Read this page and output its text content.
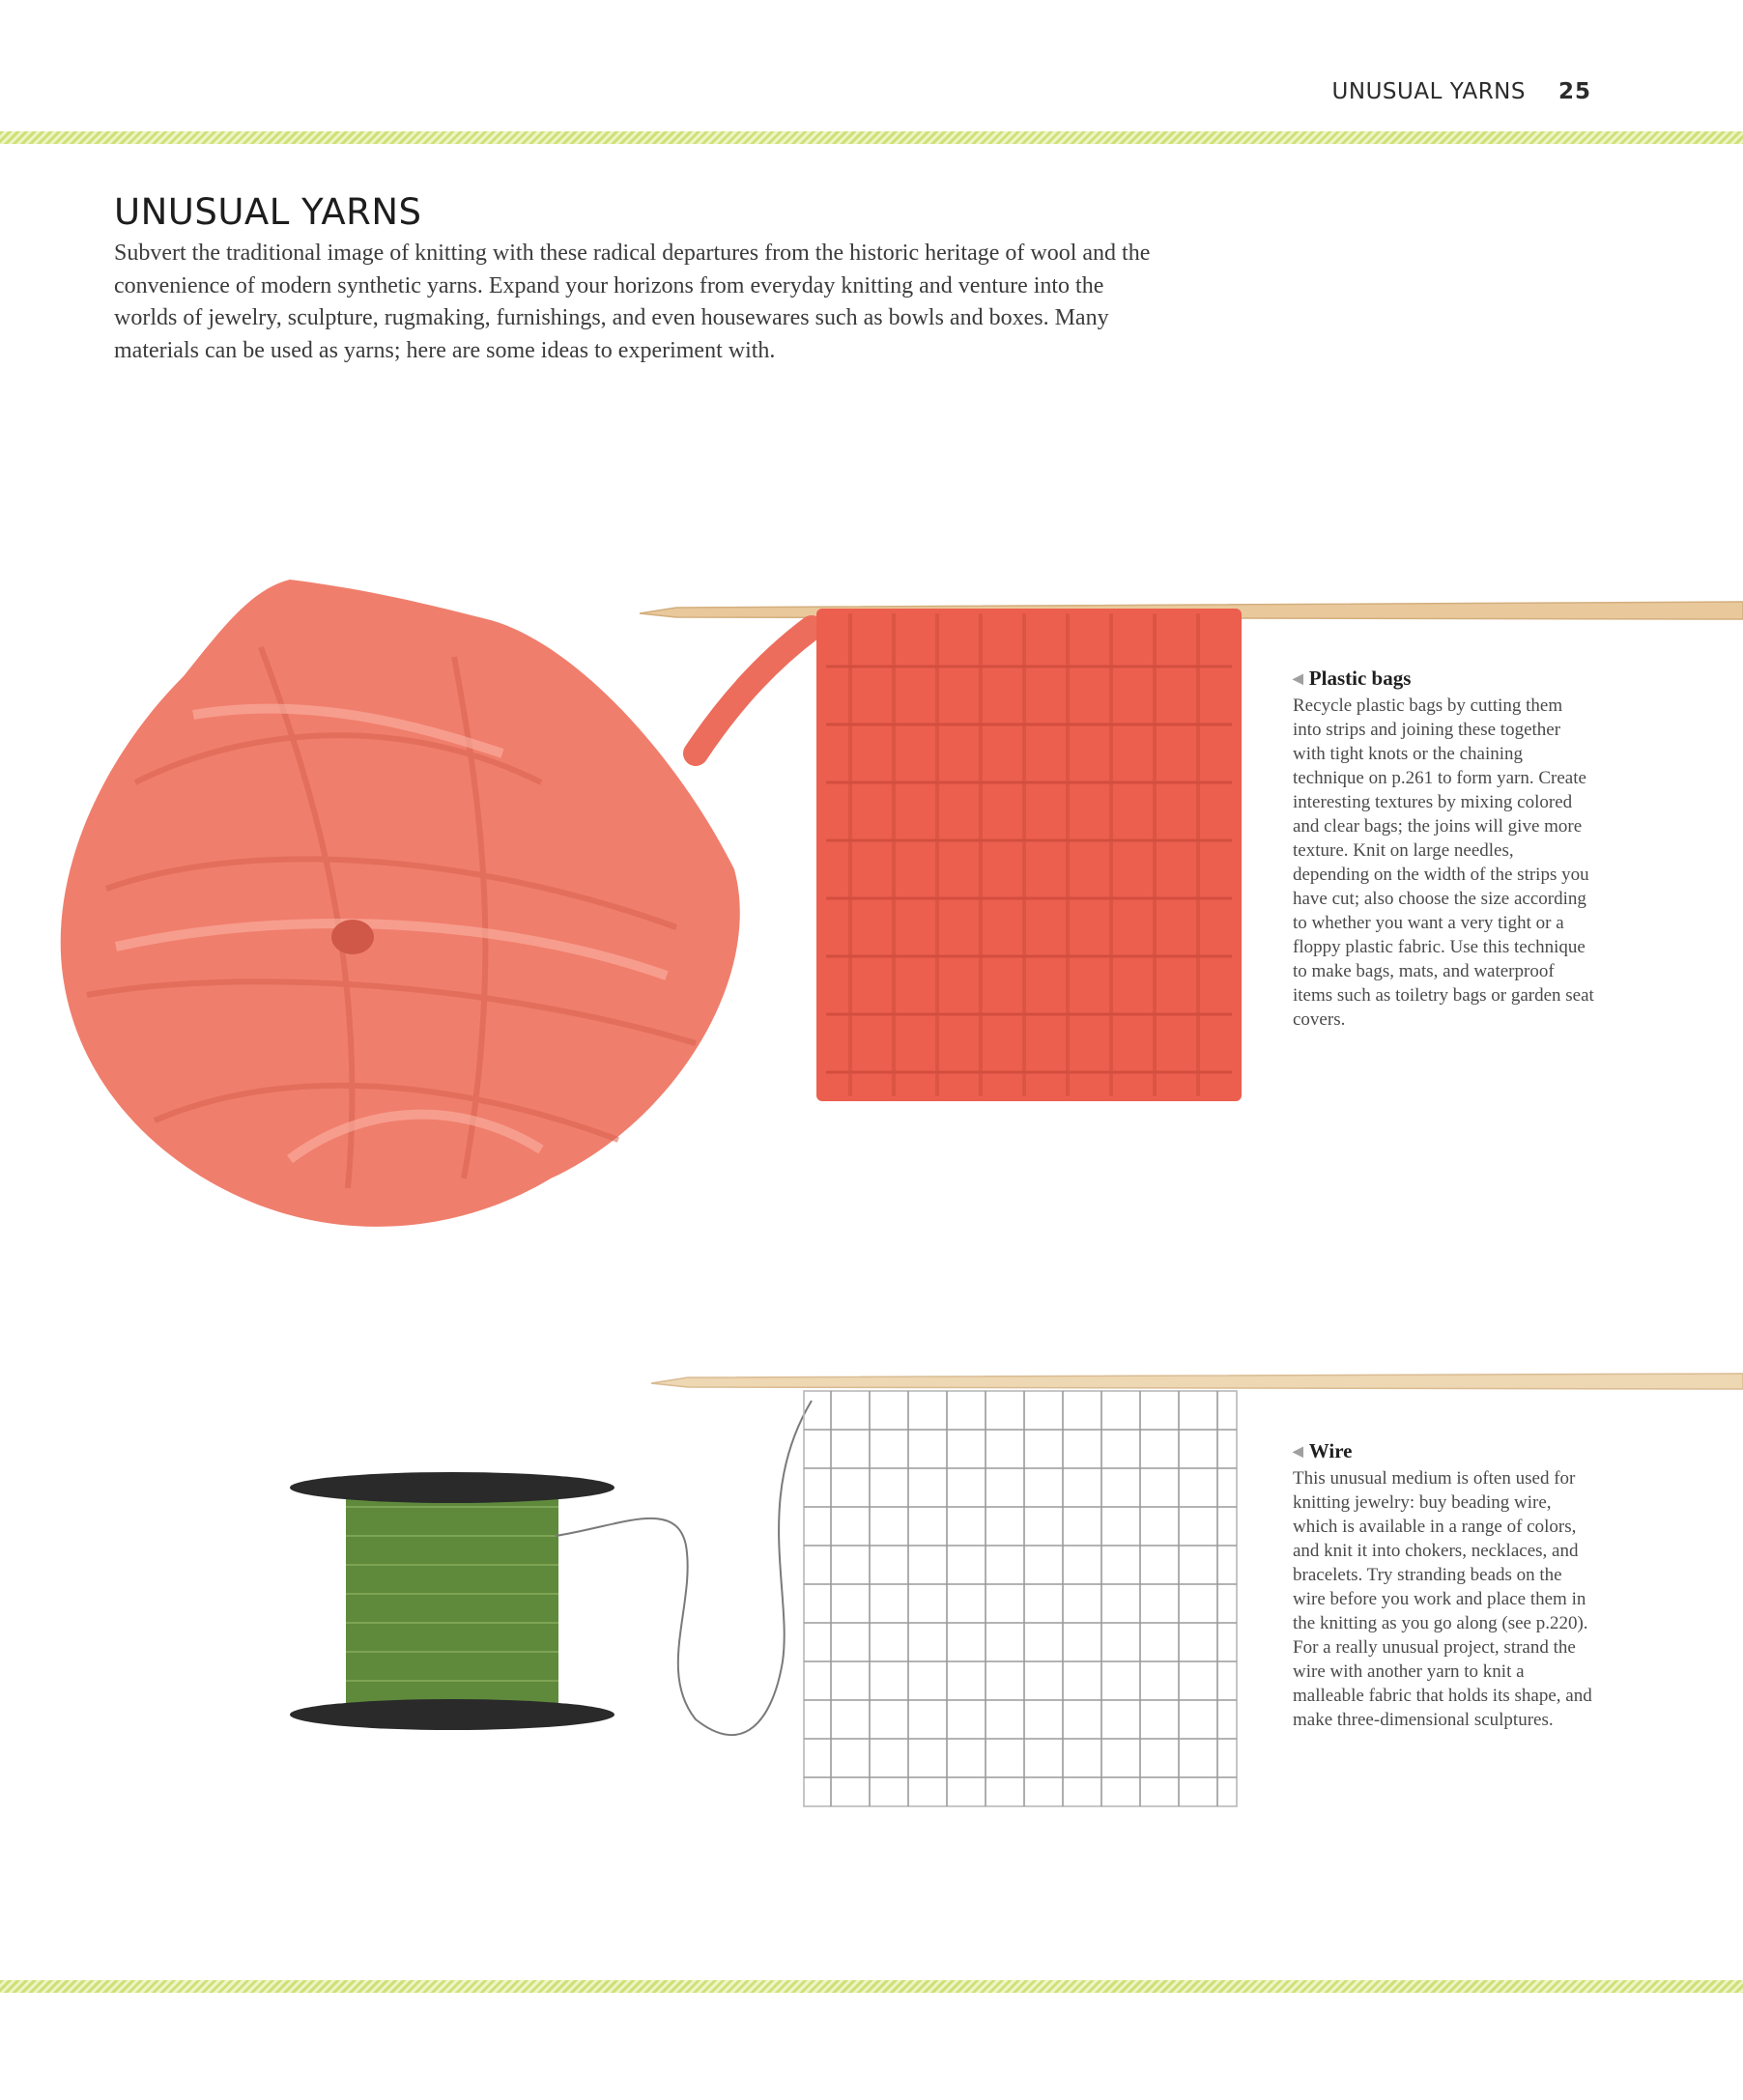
UNUSUAL YARNS 25
UNUSUAL YARNS

Subvert the traditional image of knitting with these radical departures from the historic heritage of wool and the convenience of modern synthetic yarns. Expand your horizons from everyday knitting and venture into the worlds of jewelry, sculpture, rugmaking, furnishings, and even housewares such as bowls and boxes. Many materials can be used as yarns; here are some ideas to experiment with.

◀ Plastic bags

Recycle plastic bags by cutting them into strips and joining these together with tight knots or the chaining technique on p.261 to form yarn. Create interesting textures by mixing colored and clear bags; the joins will give more texture. Knit on large needles, depending on the width of the strips you have cut; also choose the size according to whether you want a very tight or a floppy plastic fabric. Use this technique to make bags, mats, and waterproof items such as toiletry bags or garden seat covers.

◀ Wire

This unusual medium is often used for knitting jewelry: buy beading wire, which is available in a range of colors, and knit it into chokers, necklaces, and bracelets. Try stranding beads on the wire before you work and place them in the knitting as you go along (see p.220). For a really unusual project, strand the wire with another yarn to knit a malleable fabric that holds its shape, and make three-dimensional sculptures.
